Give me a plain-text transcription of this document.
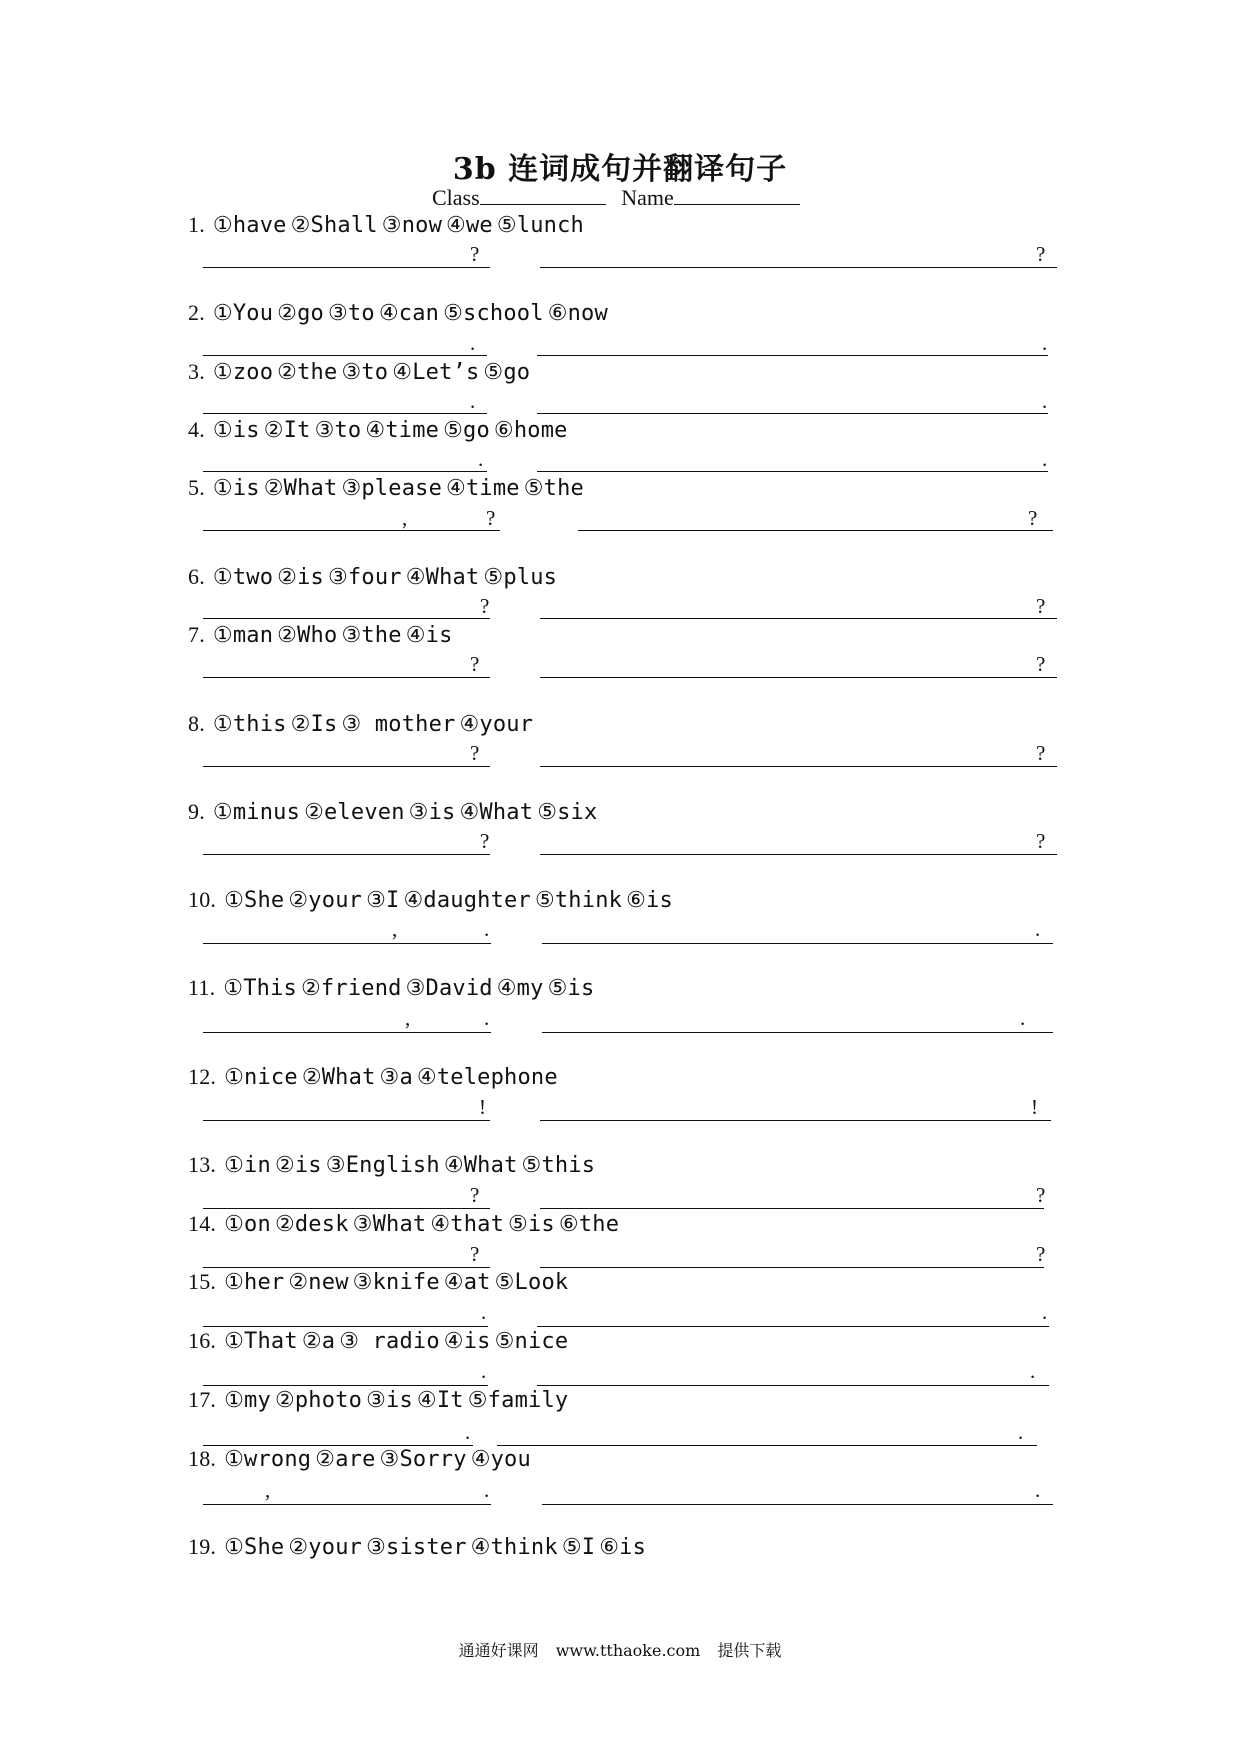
3b 连词成句并翻译句子
Class	Name
1. ①have ②Shall ③now ④we ⑤lunch
?	?
2. ①You ②go ③to ④can ⑤school ⑥now
.	.
3. ①zoo ②the ③to ④Let’s ⑤go
.	.
4. ①is ②It ③to ④time ⑤go ⑥home
.	.
5. ①is ②What ③please ④time ⑤the
,	?	?
6. ①two ②is ③four ④What ⑤plus
?	?
7. ①man ②Who ③the ④is
?	?
8. ①this ②Is ③ mother ④your
?	?
9. ①minus ②eleven ③is ④What ⑤six
?	?
10. ①She ②your ③I ④daughter ⑤think ⑥is
,	.	.
11. ①This ②friend ③David ④my ⑤is
,	.	.
12. ①nice ②What ③a ④telephone
!	!
13. ①in ②is ③English ④What ⑤this
?	?
14. ①on ②desk ③What ④that ⑤is ⑥the
?	?
15. ①her ②new ③knife ④at ⑤Look
.	.
16. ①That ②a ③ radio ④is ⑤nice
.	.
17. ①my ②photo ③is ④It ⑤family
.	.
18. ①wrong ②are ③Sorry ④you
,	.	.
19. ①She ②your ③sister ④think ⑤I ⑥is
通通好课网 www.tthaoke.com 提供下载
